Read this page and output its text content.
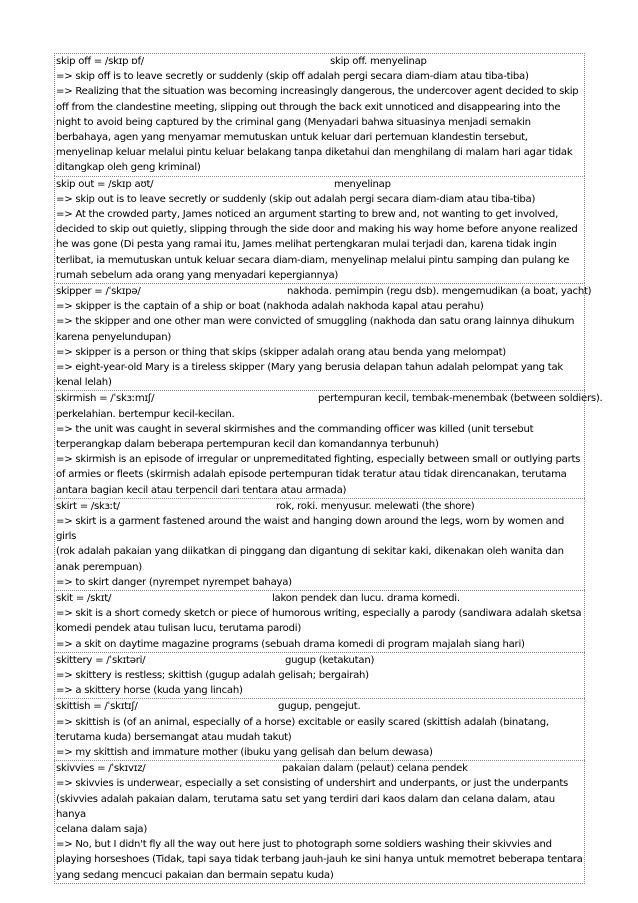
skip off = /skɪp ɒf/	skip off. menyelinap
=> skip off is to leave secretly or suddenly (skip off adalah pergi secara diam-diam atau tiba-tiba)
=> Realizing that the situation was becoming increasingly dangerous, the undercover agent decided to skip
off from the clandestine meeting, slipping out through the back exit unnoticed and disappearing into the
night to avoid being captured by the criminal gang (Menyadari bahwa situasinya menjadi semakin
berbahaya, agen yang menyamar memutuskan untuk keluar dari pertemuan klandestin tersebut,
menyelinap keluar melalui pintu keluar belakang tanpa diketahui dan menghilang di malam hari agar tidak
ditangkap oleh geng kriminal)
skip out = /skɪp aʊt/	menyelinap
=> skip out is to leave secretly or suddenly (skip out adalah pergi secara diam-diam atau tiba-tiba)
=> At the crowded party, James noticed an argument starting to brew and, not wanting to get involved,
decided to skip out quietly, slipping through the side door and making his way home before anyone realized
he was gone (Di pesta yang ramai itu, James melihat pertengkaran mulai terjadi dan, karena tidak ingin
terlibat, ia memutuskan untuk keluar secara diam-diam, menyelinap melalui pintu samping dan pulang ke
rumah sebelum ada orang yang menyadari kepergiannya)
skipper = /ˈskɪpə/	nakhoda. pemimpin (regu dsb). mengemudikan (a boat, yacht)
=> skipper is the captain of a ship or boat (nakhoda adalah nakhoda kapal atau perahu)
=> the skipper and one other man were convicted of smuggling (nakhoda dan satu orang lainnya dihukum
karena penyelundupan)
=> skipper is a person or thing that skips (skipper adalah orang atau benda yang melompat)
=> eight-year-old Mary is a tireless skipper (Mary yang berusia delapan tahun adalah pelompat yang tak
kenal lelah)
skirmish = /ˈskɜːmɪʃ/	pertempuran kecil, tembak-menembak (between soldiers).
perkelahian. bertempur kecil-kecilan.
=> the unit was caught in several skirmishes and the commanding officer was killed (unit tersebut
terperangkap dalam beberapa pertempuran kecil dan komandannya terbunuh)
=> skirmish is an episode of irregular or unpremeditated fighting, especially between small or outlying parts
of armies or fleets (skirmish adalah episode pertempuran tidak teratur atau tidak direncanakan, terutama
antara bagian kecil atau terpencil dari tentara atau armada)
skirt = /skɜːt/	rok, roki. menyusur. melewati (the shore)
=> skirt is a garment fastened around the waist and hanging down around the legs, worn by women and girls
(rok adalah pakaian yang diikatkan di pinggang dan digantung di sekitar kaki, dikenakan oleh wanita dan
anak perempuan)
=> to skirt danger (nyrempet nyrempet bahaya)
skit = /skɪt/	lakon pendek dan lucu. drama komedi.
=> skit is a short comedy sketch or piece of humorous writing, especially a parody (sandiwara adalah sketsa
komedi pendek atau tulisan lucu, terutama parodi)
=> a skit on daytime magazine programs (sebuah drama komedi di program majalah siang hari)
skittery = /ˈskɪtəri/	gugup (ketakutan)
=> skittery is restless; skittish (gugup adalah gelisah; bergairah)
=> a skittery horse (kuda yang lincah)
skittish = /ˈskɪtɪʃ/	gugup, pengejut.
=> skittish is (of an animal, especially of a horse) excitable or easily scared (skittish adalah (binatang,
terutama kuda) bersemangat atau mudah takut)
=> my skittish and immature mother (ibuku yang gelisah dan belum dewasa)
skivvies = /ˈskɪvɪz/	pakaian dalam (pelaut) celana pendek
=> skivvies is underwear, especially a set consisting of undershirt and underpants, or just the underpants
(skivvies adalah pakaian dalam, terutama satu set yang terdiri dari kaos dalam dan celana dalam, atau hanya
celana dalam saja)
=> No, but I didn't fly all the way out here just to photograph some soldiers washing their skivvies and
playing horseshoes (Tidak, tapi saya tidak terbang jauh-jauh ke sini hanya untuk memotret beberapa tentara
yang sedang mencuci pakaian dan bermain sepatu kuda)
